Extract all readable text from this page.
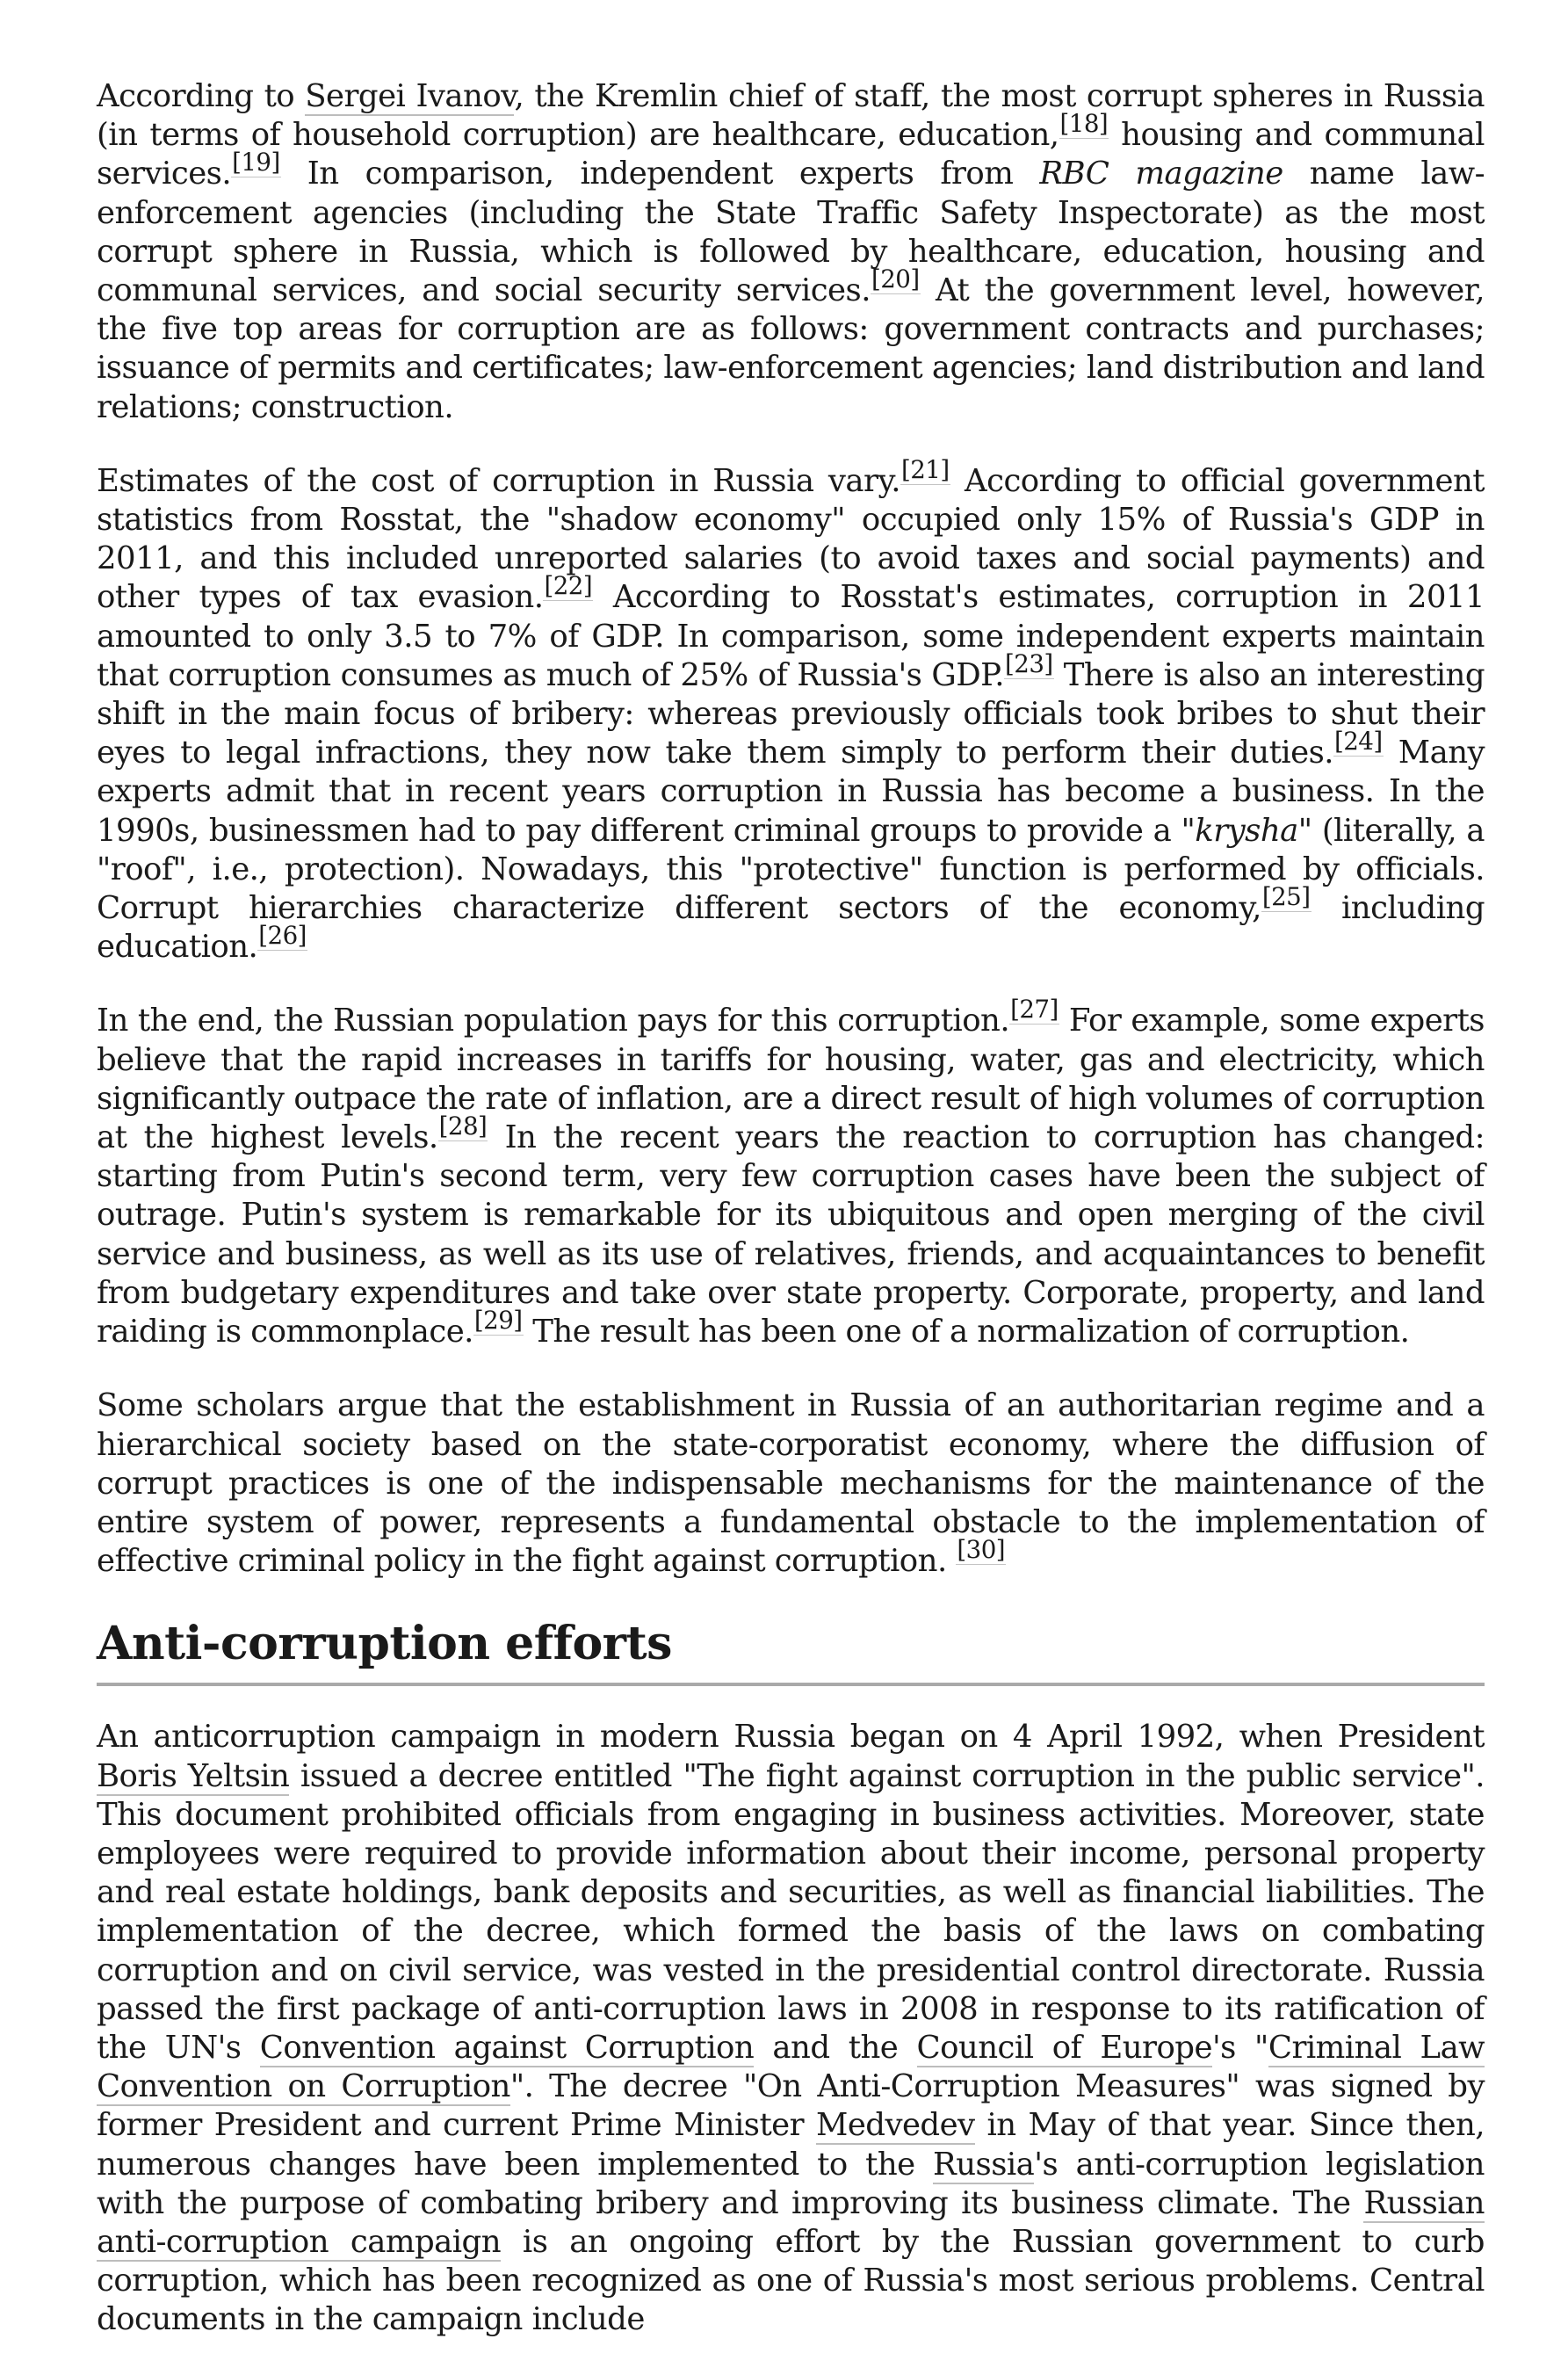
According to Sergei Ivanov, the Kremlin chief of staff, the most corrupt spheres in Russia (in terms of household corruption) are healthcare, education,[18] housing and communal services.[19] In comparison, independent experts from RBC magazine name law-enforcement agencies (including the State Traffic Safety Inspectorate) as the most corrupt sphere in Russia, which is followed by healthcare, education, housing and communal services, and social security services.[20] At the government level, however, the five top areas for corruption are as follows: government contracts and purchases; issuance of permits and certificates; law-enforcement agencies; land distribution and land relations; construction.

Estimates of the cost of corruption in Russia vary.[21] According to official government statistics from Rosstat, the "shadow economy" occupied only 15% of Russia's GDP in 2011, and this included unreported salaries (to avoid taxes and social payments) and other types of tax evasion.[22] According to Rosstat's estimates, corruption in 2011 amounted to only 3.5 to 7% of GDP. In comparison, some independent experts maintain that corruption consumes as much of 25% of Russia's GDP.[23] There is also an interesting shift in the main focus of bribery: whereas previously officials took bribes to shut their eyes to legal infractions, they now take them simply to perform their duties.[24] Many experts admit that in recent years corruption in Russia has become a business. In the 1990s, businessmen had to pay different criminal groups to provide a "krysha" (literally, a "roof", i.e., protection). Nowadays, this "protective" function is performed by officials. Corrupt hierarchies characterize different sectors of the economy,[25] including education.[26]

In the end, the Russian population pays for this corruption.[27] For example, some experts believe that the rapid increases in tariffs for housing, water, gas and electricity, which significantly outpace the rate of inflation, are a direct result of high volumes of corruption at the highest levels.[28] In the recent years the reaction to corruption has changed: starting from Putin's second term, very few corruption cases have been the subject of outrage. Putin's system is remarkable for its ubiquitous and open merging of the civil service and business, as well as its use of relatives, friends, and acquaintances to benefit from budgetary expenditures and take over state property. Corporate, property, and land raiding is commonplace.[29] The result has been one of a normalization of corruption.

Some scholars argue that the establishment in Russia of an authoritarian regime and a hierarchical society based on the state-corporatist economy, where the diffusion of corrupt practices is one of the indispensable mechanisms for the maintenance of the entire system of power, represents a fundamental obstacle to the implementation of effective criminal policy in the fight against corruption. [30]

Anti-corruption efforts

An anticorruption campaign in modern Russia began on 4 April 1992, when President Boris Yeltsin issued a decree entitled "The fight against corruption in the public service". This document prohibited officials from engaging in business activities. Moreover, state employees were required to provide information about their income, personal property and real estate holdings, bank deposits and securities, as well as financial liabilities. The implementation of the decree, which formed the basis of the laws on combating corruption and on civil service, was vested in the presidential control directorate. Russia passed the first package of anti-corruption laws in 2008 in response to its ratification of the UN's Convention against Corruption and the Council of Europe's "Criminal Law Convention on Corruption". The decree "On Anti-Corruption Measures" was signed by former President and current Prime Minister Medvedev in May of that year. Since then, numerous changes have been implemented to the Russia's anti-corruption legislation with the purpose of combating bribery and improving its business climate. The Russian anti-corruption campaign is an ongoing effort by the Russian government to curb corruption, which has been recognized as one of Russia's most serious problems. Central documents in the campaign include
